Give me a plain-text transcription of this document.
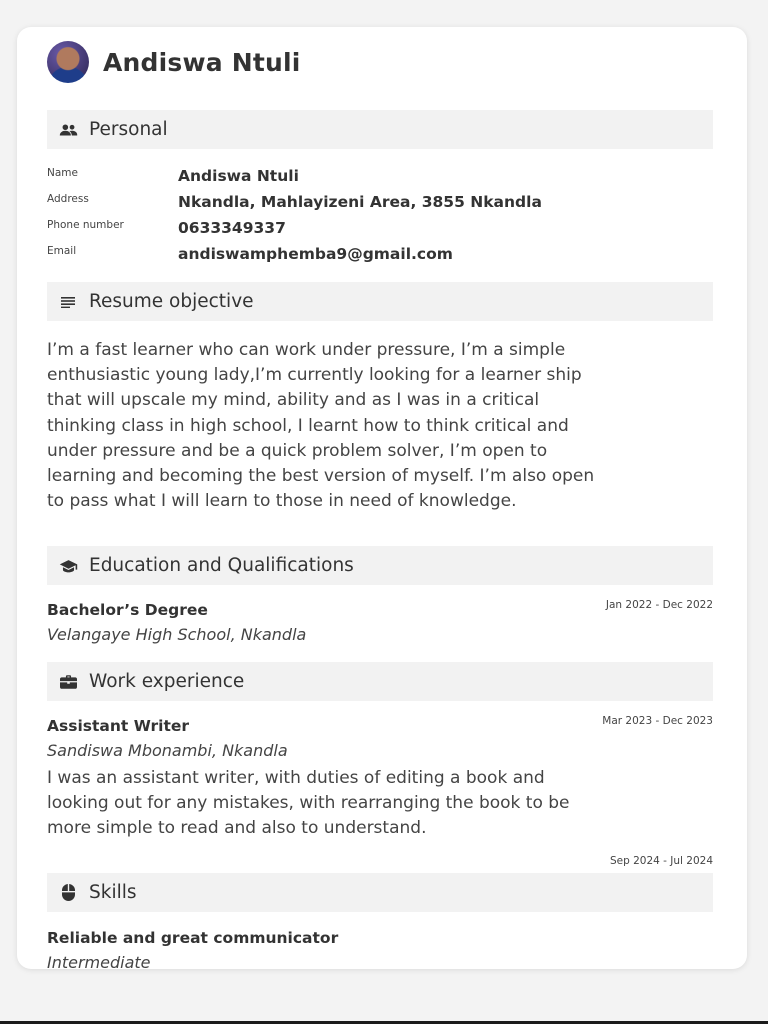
Andiswa Ntuli
Personal
Name	Andiswa Ntuli
Address	Nkandla, Mahlayizeni Area, 3855 Nkandla
Phone number	0633349337
Email	andiswamphemba9@gmail.com
Resume objective

I’m a fast learner who can work under pressure, I’m a simple enthusiastic young lady,I’m currently looking for a learner ship that will upscale my mind, ability and as I was in a critical thinking class in high school, I learnt how to think critical and under pressure and be a quick problem solver, I’m open to learning and becoming the best version of myself. I’m also open to pass what I will learn to those in need of knowledge.

Education and Qualifications
Bachelor’s Degree	Jan 2022 - Dec 2022
Velangaye High School, Nkandla
Work experience
Assistant Writer	Mar 2023 - Dec 2023
Sandiswa Mbonambi, Nkandla

I was an assistant writer, with duties of editing a book and looking out for any mistakes, with rearranging the book to be more simple to read and also to understand.

Sep 2024 - Jul 2024
Skills
Reliable and great communicator
Intermediate
